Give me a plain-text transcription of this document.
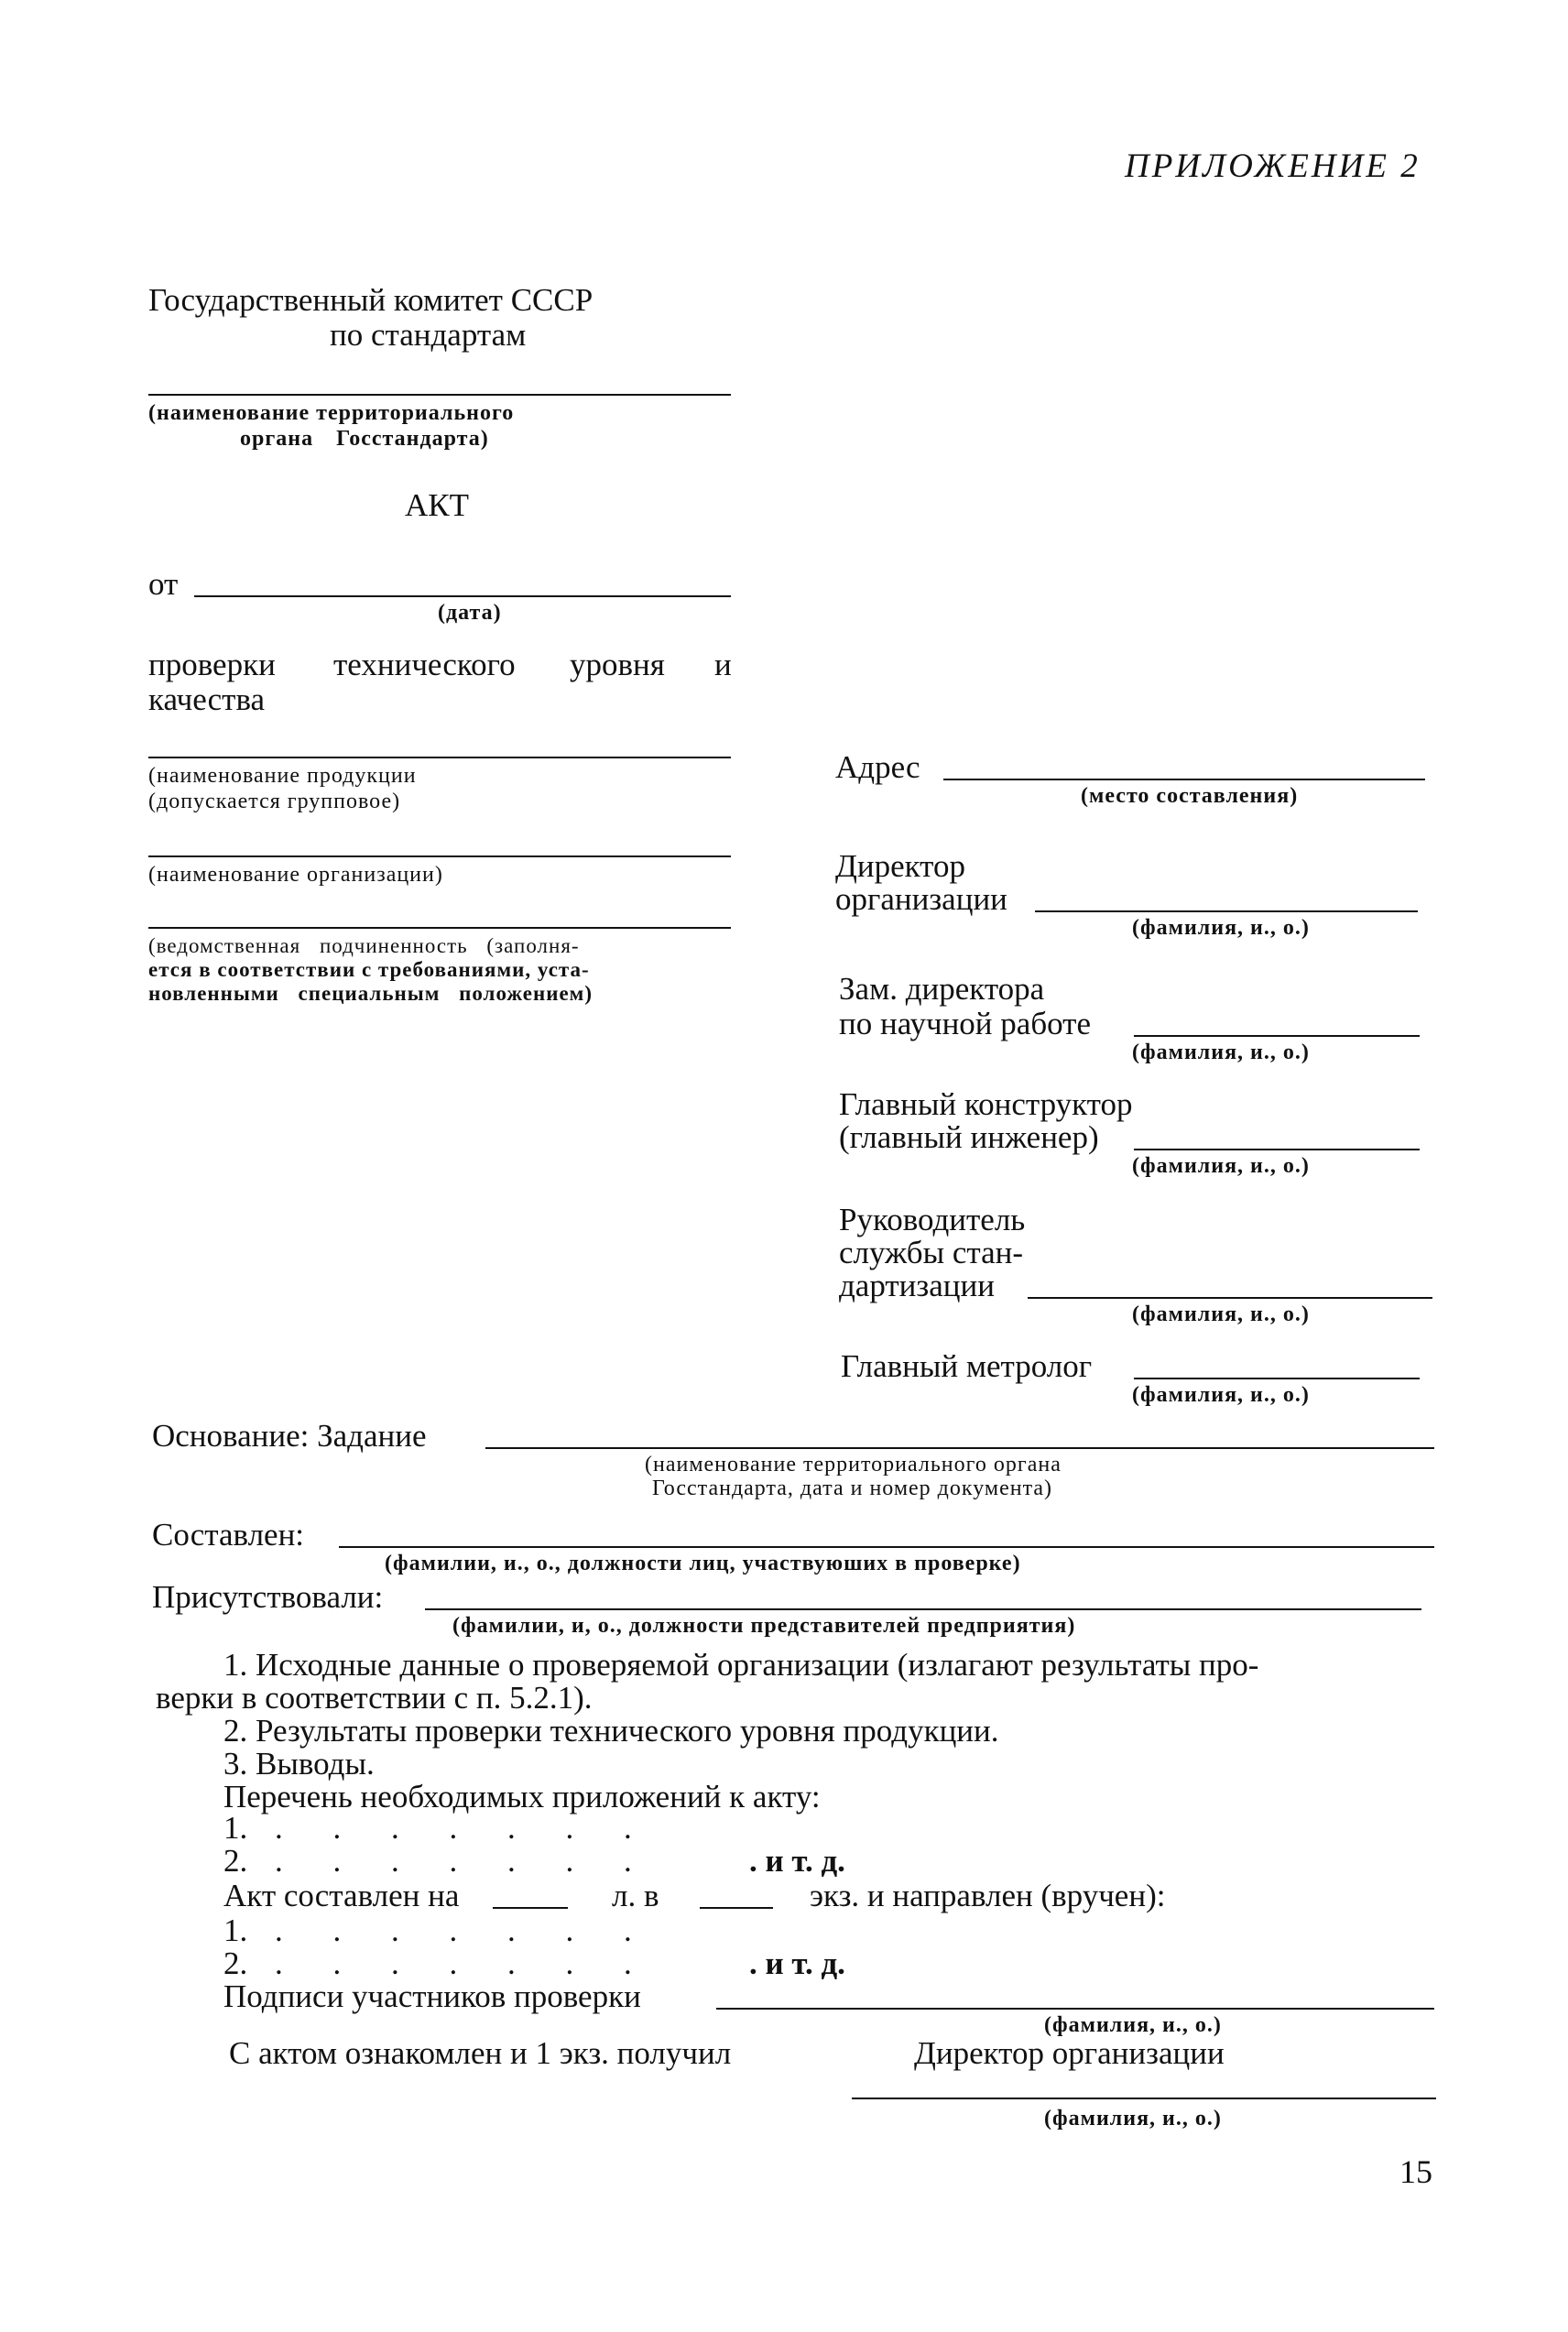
ПРИЛОЖЕНИЕ 2
Государственный комитет СССР
по стандартам
(наименование территориального
органа Госстандарта)
АКТ
от
(дата)
проверки технического уровня и
качества
(наименование продукции
(допускается групповое)
(наименование организации)
(ведомственная подчиненность (заполня-
ется в соответствии с требованиями, уста-
новленными специальным положением)
Адрес
(место составления)
Директор
организации
(фамилия, и., о.)
Зам. директора
по научной работе
(фамилия, и., о.)
Главный конструктор
(главный инженер)
(фамилия, и., о.)
Руководитель
службы стан-
дартизации
(фамилия, и., о.)
Главный метролог
(фамилия, и., о.)
Основание: Задание
(наименование территориального органа
Госстандарта, дата и номер документа)
Составлен:
(фамилии, и., о., должности лиц, участвуюших в проверке)
Присутствовали:
(фамилии, и, о., должности представителей предприятия)
1. Исходные данные о проверяемой организации (излагают результаты про-
верки в соответствии с п. 5.2.1).
2. Результаты проверки технического уровня продукции.
3. Выводы.
Перечень необходимых приложений к акту:
1. . . . . . . .
2. . . . . . . .	. и т. д.
Акт составлен на	л. в	экз. и направлен (вручен):
1. . . . . . . .
2. . . . . . . .	. и т. д.
Подписи участников проверки
(фамилия, и., о.)
С актом ознакомлен и 1 экз. получил	Директор организации
(фамилия, и., о.)
15
